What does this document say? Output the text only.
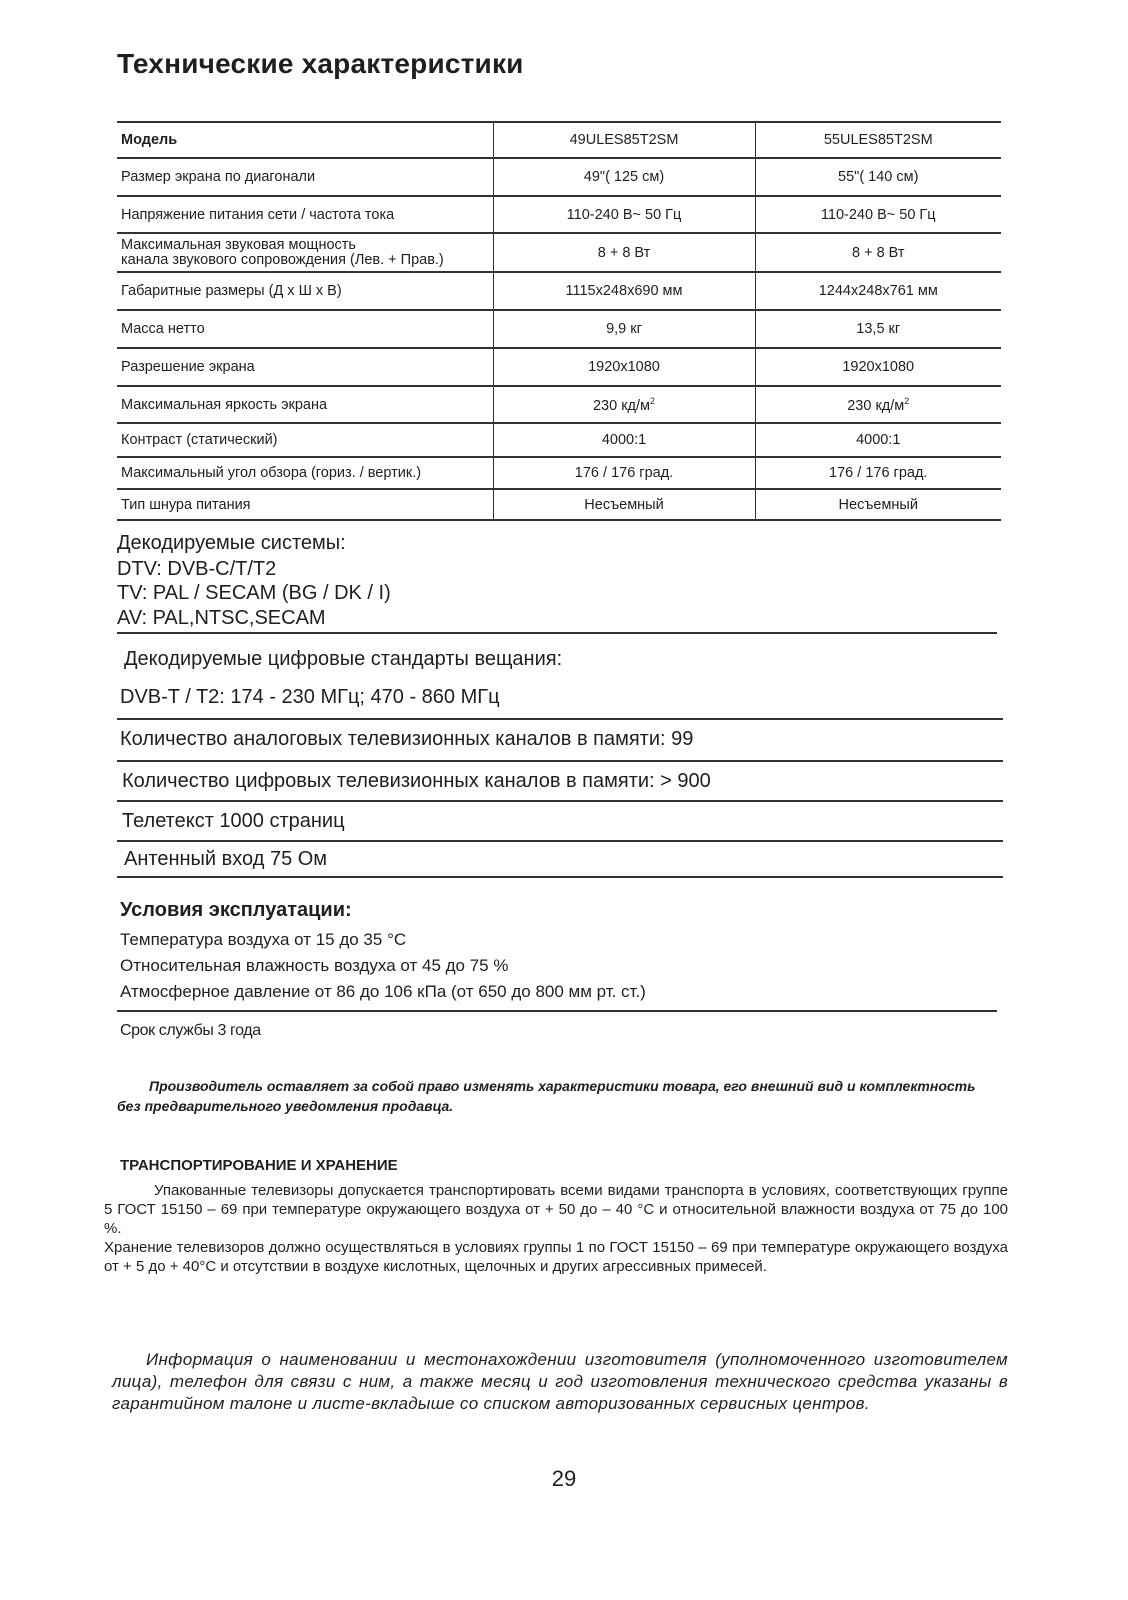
Технические характеристики
Модель	49ULES85T2SM	55ULES85T2SM
Размер экрана по диагонали	49"( 125 см)	55"( 140 см)
Напряжение питания сети / частота тока	110-240 В~ 50 Гц	110-240 В~ 50 Гц

Максимальная звуковая мощность
канала звукового сопровождения (Лев. + Прав.)	8 + 8 Вт	8 + 8 Вт
Габаритные размеры (Д х Ш х В)	1115x248x690 мм	1244x248x761 мм
Масса нетто	9,9 кг	13,5 кг
Разрешение экрана	1920x1080	1920x1080
Максимальная яркость экрана	230 $кд/м^2$	230 $кд/м^2$
Контраст (статический)	4000:1	4000:1
Максимальный угол обзора (гориз. / вертик.)	176 / 176 град.	176 / 176 град.
Тип шнура питания	Несъемный	Несъемный
Декодируемые системы:
DTV: DVB-C/T/T2
TV: PAL / SECAM (BG / DK / I)
AV: PAL,NTSC,SECAM
Декодируемые цифровые стандарты вещания:
DVB-T / T2: 174 - 230 МГц; 470 - 860 МГц
Количество аналоговых телевизионных каналов в памяти: 99
Количество цифровых телевизионных каналов в памяти: > 900
Телетекст 1000 страниц
Антенный вход 75 Ом
Условия эксплуатации:
Температура воздуха от 15 до 35 °С
Относительная влажность воздуха от 45 до 75 %
Атмосферное давление от 86 до 106 кПа (от 650 до 800 мм рт. ст.)
Срок службы 3 года
Производитель оставляет за собой право изменять характеристики товара, его внешний вид и комплектность
без предварительного уведомления продавца.
ТРАНСПОРТИРОВАНИЕ И ХРАНЕНИЕ

Упакованные телевизоры допускается транспортировать всеми видами транспорта в условиях, соответствующих группе 5 ГОСТ 15150 – 69 при температуре окружающего воздуха от + 50 до – 40 °С и относительной влажности воздуха от 75 до 100 %.

Хранение телевизоров должно осуществляться в условиях группы 1 по ГОСТ 15150 – 69 при температуре окружающего воздуха от + 5 до + 40°С и отсутствии в воздухе кислотных, щелочных и других агрессивных примесей.

Информация о наименовании и местонахождении изготовителя (уполномоченного изготовителем лица), телефон для связи с ним, а также месяц и год изготовления технического средства указаны в гарантийном талоне и листе-вкладыше со списком авторизованных сервисных центров.
29
